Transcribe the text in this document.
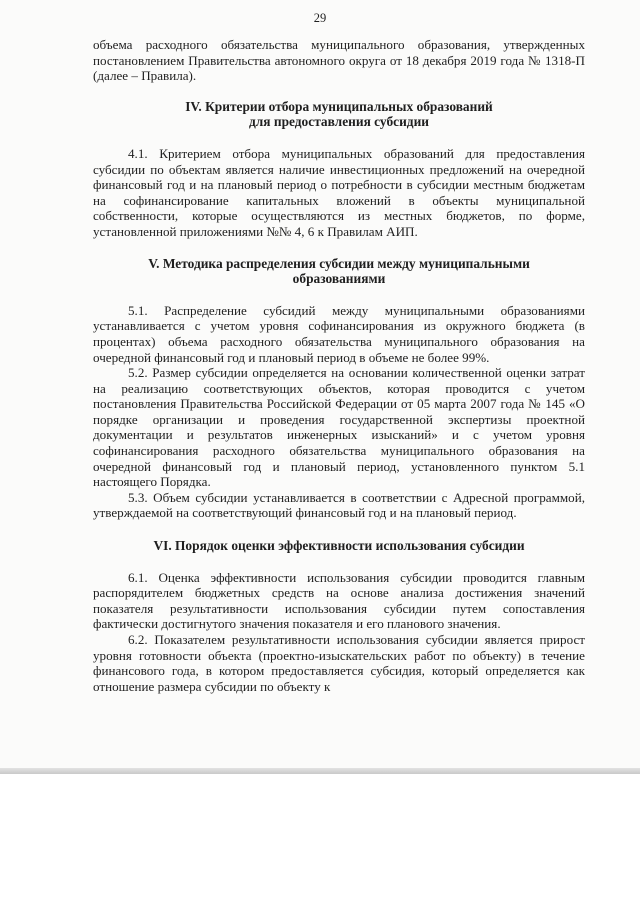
29

объема расходного обязательства муниципального образования, утвержденных постановлением Правительства автономного округа от 18 декабря 2019 года № 1318-П (далее – Правила).

IV. Критерии отбора муниципальных образований
для предоставления субсидии

4.1. Критерием отбора муниципальных образований для предоставления субсидии по объектам является наличие инвестиционных предложений на очередной финансовый год и на плановый период о потребности в субсидии местным бюджетам на софинансирование капитальных вложений в объекты муниципальной собственности, которые осуществляются из местных бюджетов, по форме, установленной приложениями №№ 4, 6 к Правилам АИП.

V. Методика распределения субсидии между муниципальными
образованиями

5.1. Распределение субсидий между муниципальными образованиями устанавливается с учетом уровня софинансирования из окружного бюджета (в процентах) объема расходного обязательства муниципального образования на очередной финансовый год и плановый период в объеме не более 99%.

5.2. Размер субсидии определяется на основании количественной оценки затрат на реализацию соответствующих объектов, которая проводится с учетом постановления Правительства Российской Федерации от 05 марта 2007 года № 145 «О порядке организации и проведения государственной экспертизы проектной документации и результатов инженерных изысканий» и с учетом уровня софинансирования расходного обязательства муниципального образования на очередной финансовый год и плановый период, установленного пунктом 5.1 настоящего Порядка.

5.3. Объем субсидии устанавливается в соответствии с Адресной программой, утверждаемой на соответствующий финансовый год и на плановый период.

VI. Порядок оценки эффективности использования субсидии

6.1. Оценка эффективности использования субсидии проводится главным распорядителем бюджетных средств на основе анализа достижения значений показателя результативности использования субсидии путем сопоставления фактически достигнутого значения показателя и его планового значения.

6.2. Показателем результативности использования субсидии является прирост уровня готовности объекта (проектно-изыскательских работ по объекту) в течение финансового года, в котором предоставляется субсидия, который определяется как отношение размера субсидии по объекту к
